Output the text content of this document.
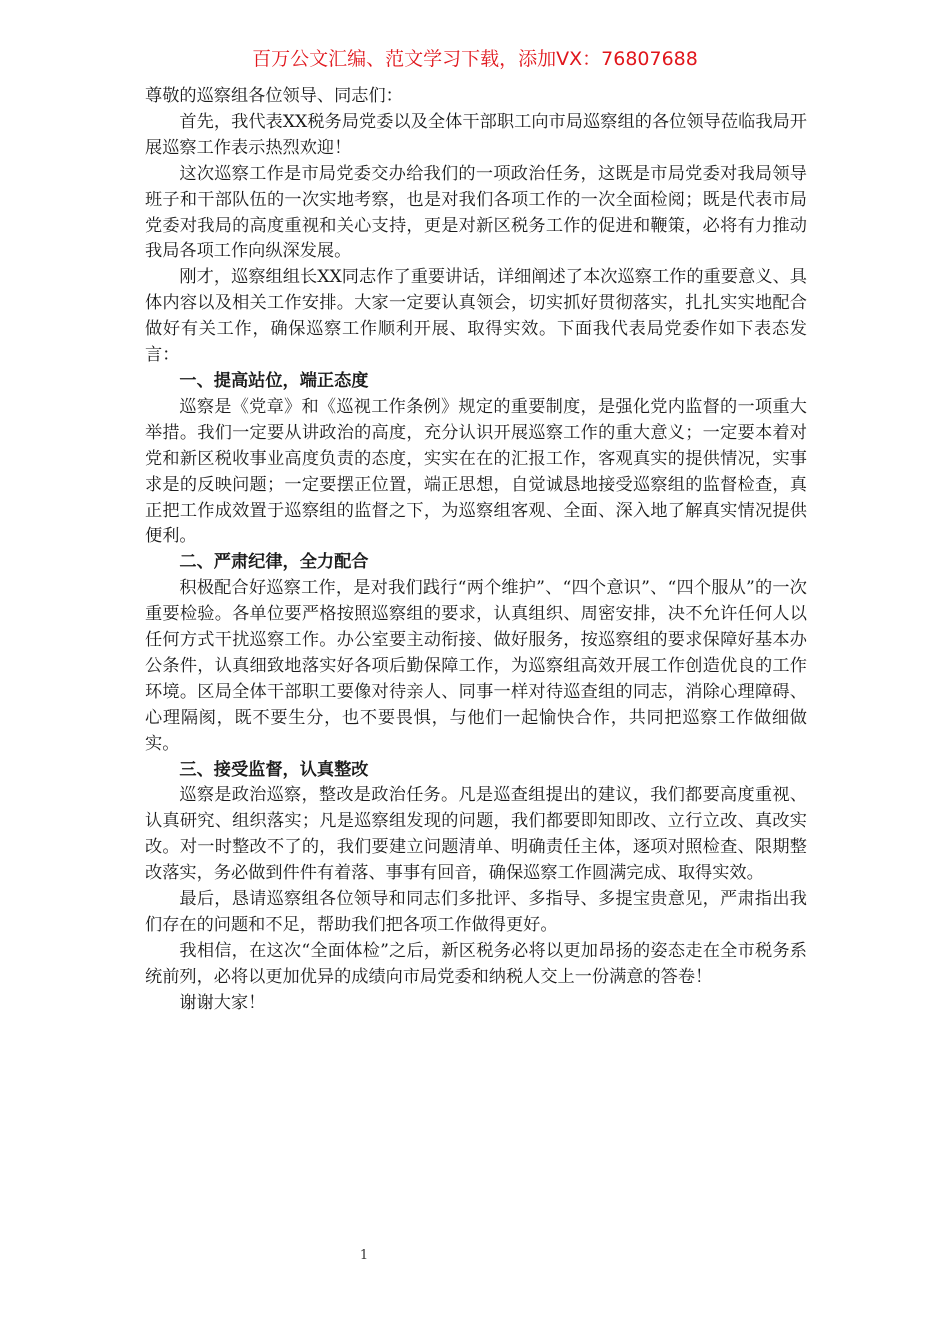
百万公文汇编、范文学习下载，添加VX：76807688

尊敬的巡察组各位领导、同志们：

首先，我代表XX税务局党委以及全体干部职工向市局巡察组的各位领导莅临我局开展巡察工作表示热烈欢迎！

这次巡察工作是市局党委交办给我们的一项政治任务，这既是市局党委对我局领导班子和干部队伍的一次实地考察，也是对我们各项工作的一次全面检阅；既是代表市局党委对我局的高度重视和关心支持，更是对新区税务工作的促进和鞭策，必将有力推动我局各项工作向纵深发展。

刚才，巡察组组长XX同志作了重要讲话，详细阐述了本次巡察工作的重要意义、具体内容以及相关工作安排。大家一定要认真领会，切实抓好贯彻落实，扎扎实实地配合做好有关工作，确保巡察工作顺利开展、取得实效。下面我代表局党委作如下表态发言：

一、提高站位，端正态度

巡察是《党章》和《巡视工作条例》规定的重要制度，是强化党内监督的一项重大举措。我们一定要从讲政治的高度，充分认识开展巡察工作的重大意义；一定要本着对党和新区税收事业高度负责的态度，实实在在的汇报工作，客观真实的提供情况，实事求是的反映问题；一定要摆正位置，端正思想，自觉诚恳地接受巡察组的监督检查，真正把工作成效置于巡察组的监督之下，为巡察组客观、全面、深入地了解真实情况提供便利。

二、严肃纪律，全力配合

积极配合好巡察工作，是对我们践行“两个维护”、“四个意识”、“四个服从”的一次重要检验。各单位要严格按照巡察组的要求，认真组织、周密安排，决不允许任何人以任何方式干扰巡察工作。办公室要主动衔接、做好服务，按巡察组的要求保障好基本办公条件，认真细致地落实好各项后勤保障工作，为巡察组高效开展工作创造优良的工作环境。区局全体干部职工要像对待亲人、同事一样对待巡查组的同志，消除心理障碍、心理隔阂，既不要生分，也不要畏惧，与他们一起愉快合作，共同把巡察工作做细做实。

三、接受监督，认真整改

巡察是政治巡察，整改是政治任务。凡是巡查组提出的建议，我们都要高度重视、认真研究、组织落实；凡是巡察组发现的问题，我们都要即知即改、立行立改、真改实改。对一时整改不了的，我们要建立问题清单、明确责任主体，逐项对照检查、限期整改落实，务必做到件件有着落、事事有回音，确保巡察工作圆满完成、取得实效。

最后，恳请巡察组各位领导和同志们多批评、多指导、多提宝贵意见，严肃指出我们存在的问题和不足，帮助我们把各项工作做得更好。

我相信，在这次“全面体检”之后，新区税务必将以更加昂扬的姿态走在全市税务系统前列，必将以更加优异的成绩向市局党委和纳税人交上一份满意的答卷！

谢谢大家！

1
